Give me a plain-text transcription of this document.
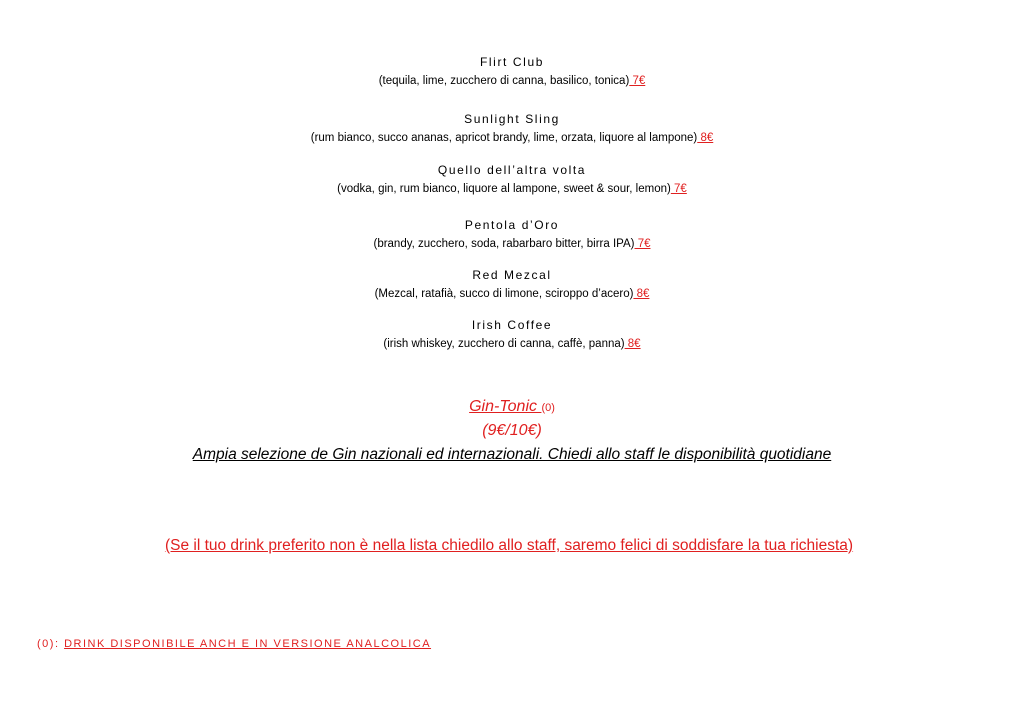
Flirt Club
(tequila, lime, zucchero di canna, basilico, tonica) 7€
Sunlight Sling
(rum bianco, succo ananas, apricot brandy, lime, orzata, liquore al lampone) 8€
Quello dell’altra volta
(vodka, gin, rum bianco, liquore al lampone, sweet & sour, lemon) 7€
Pentola d’Oro
(brandy, zucchero, soda, rabarbaro bitter, birra IPA) 7€
Red Mezcal
(Mezcal, ratafià, succo di limone, sciroppo d’acero) 8€
Irish Coffee
(irish whiskey, zucchero di canna, caffè, panna) 8€
Gin-Tonic (0)
(9€/10€)
Ampia selezione de Gin nazionali ed internazionali. Chiedi allo staff le disponibilità quotidiane
(Se il tuo drink preferito non è nella lista chiedilo allo staff, saremo felici di soddisfare la tua richiesta)
(0): DRINK DISPONIBILE ANCH E IN VERSIONE ANALCOLICA
